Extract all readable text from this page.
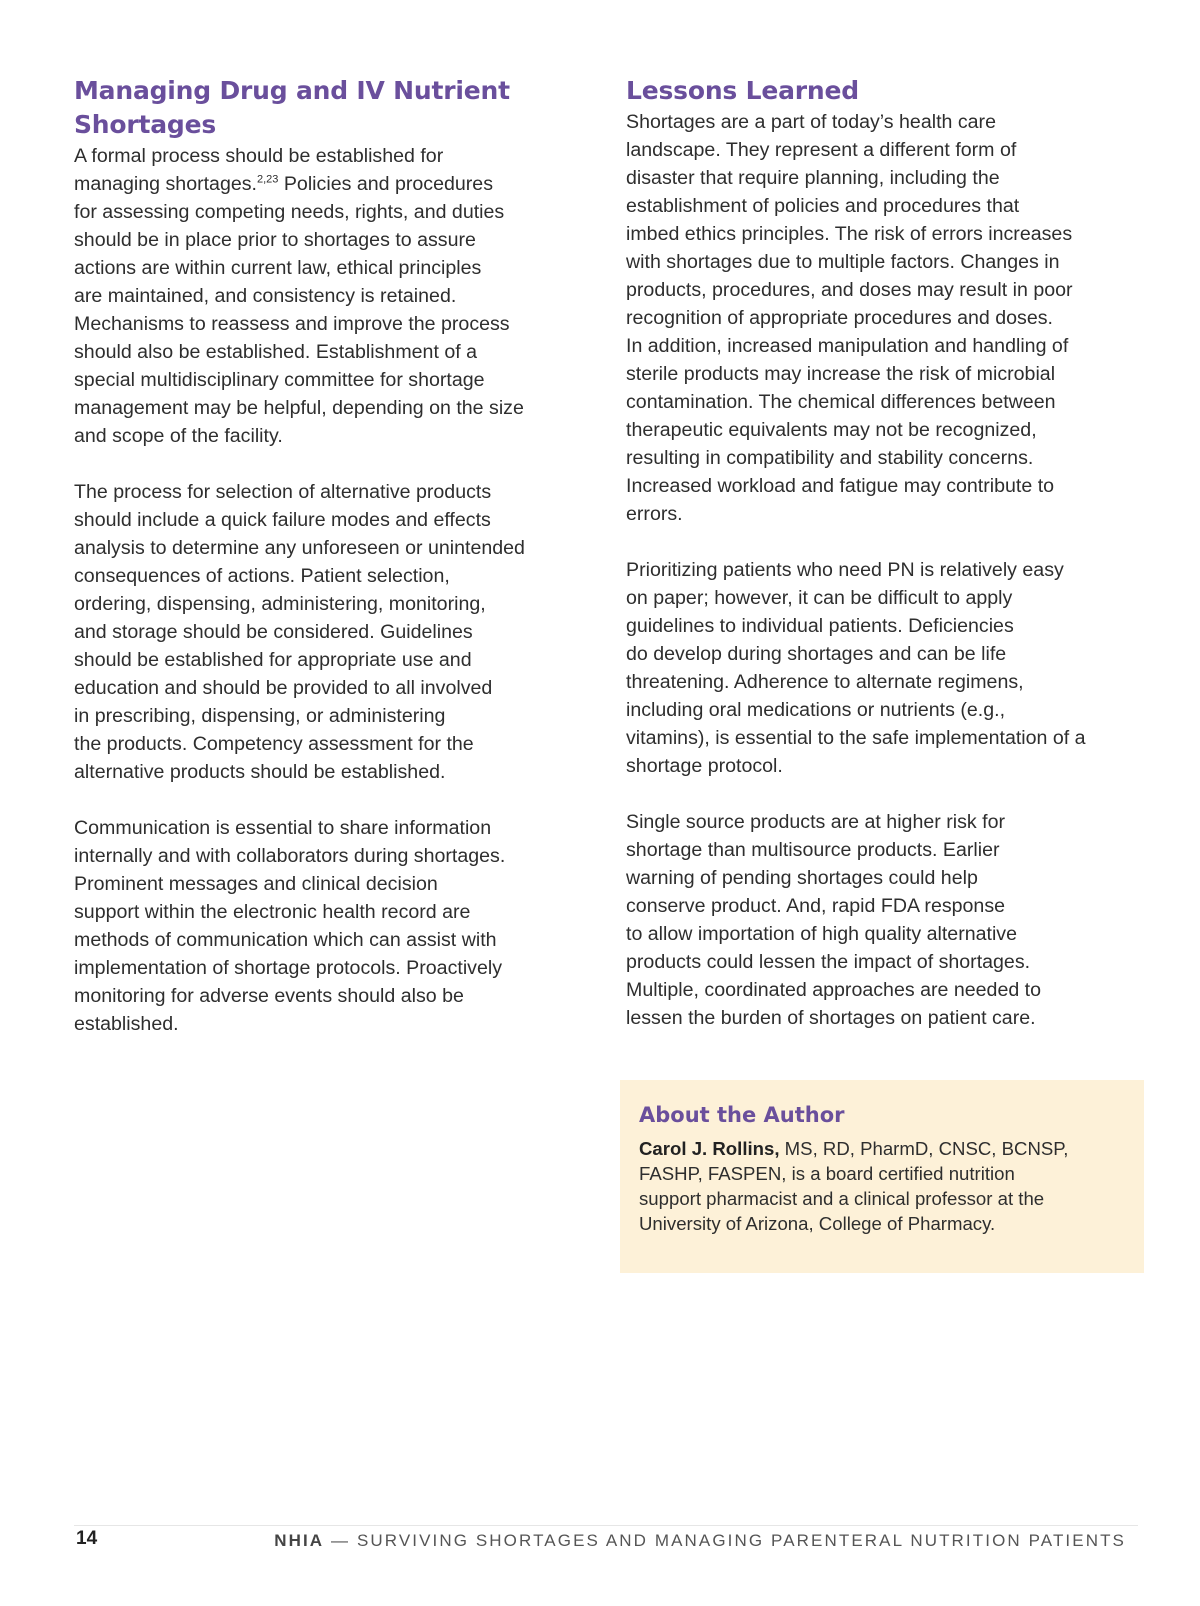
Managing Drug and IV Nutrient Shortages

A formal process should be established for
managing shortages.$^{2,23}$ Policies and procedures
for assessing competing needs, rights, and duties
should be in place prior to shortages to assure
actions are within current law, ethical principles
are maintained, and consistency is retained.
Mechanisms to reassess and improve the process
should also be established. Establishment of a
special multidisciplinary committee for shortage
management may be helpful, depending on the size
and scope of the facility.

The process for selection of alternative products
should include a quick failure modes and effects
analysis to determine any unforeseen or unintended
consequences of actions. Patient selection,
ordering, dispensing, administering, monitoring,
and storage should be considered. Guidelines
should be established for appropriate use and
education and should be provided to all involved
in prescribing, dispensing, or administering
the products. Competency assessment for the
alternative products should be established.

Communication is essential to share information
internally and with collaborators during shortages.
Prominent messages and clinical decision
support within the electronic health record are
methods of communication which can assist with
implementation of shortage protocols. Proactively
monitoring for adverse events should also be
established.

Lessons Learned

Shortages are a part of today’s health care
landscape. They represent a different form of
disaster that require planning, including the
establishment of policies and procedures that
imbed ethics principles. The risk of errors increases
with shortages due to multiple factors. Changes in
products, procedures, and doses may result in poor
recognition of appropriate procedures and doses.
In addition, increased manipulation and handling of
sterile products may increase the risk of microbial
contamination. The chemical differences between
therapeutic equivalents may not be recognized,
resulting in compatibility and stability concerns.
Increased workload and fatigue may contribute to
errors.

Prioritizing patients who need PN is relatively easy
on paper; however, it can be difficult to apply
guidelines to individual patients. Deficiencies
do develop during shortages and can be life
threatening. Adherence to alternate regimens,
including oral medications or nutrients (e.g.,
vitamins), is essential to the safe implementation of a
shortage protocol.

Single source products are at higher risk for
shortage than multisource products. Earlier
warning of pending shortages could help
conserve product. And, rapid FDA response
to allow importation of high quality alternative
products could lessen the impact of shortages.
Multiple, coordinated approaches are needed to
lessen the burden of shortages on patient care.

About the Author

Carol J. Rollins, MS, RD, PharmD, CNSC, BCNSP,
FASHP, FASPEN, is a board certified nutrition
support pharmacist and a clinical professor at the
University of Arizona, College of Pharmacy.

14	NHIA — SURVIVING SHORTAGES AND MANAGING PARENTERAL NUTRITION PATIENTS
